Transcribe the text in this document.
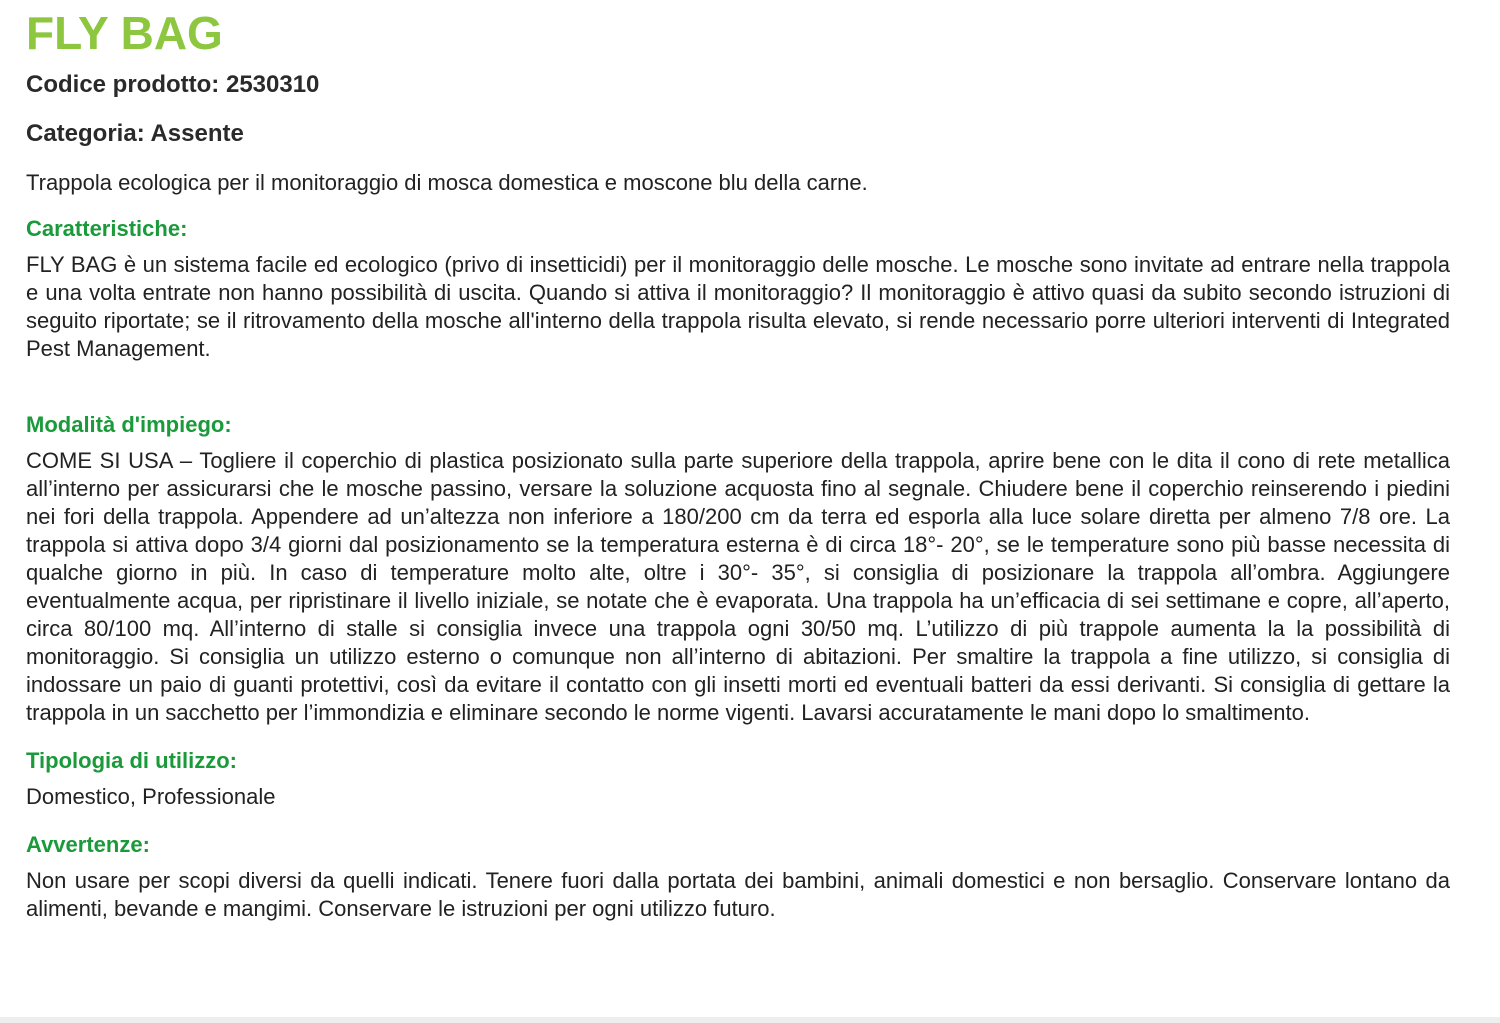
FLY BAG

Codice prodotto: 2530310

Categoria: Assente

Trappola ecologica per il monitoraggio di mosca domestica e moscone blu della carne.

Caratteristiche:

FLY BAG è un sistema facile ed ecologico (privo di insetticidi) per il monitoraggio delle mosche. Le mosche sono invitate ad entrare nella trappola e una volta entrate non hanno possibilità di uscita. Quando si attiva il monitoraggio? Il monitoraggio è attivo quasi da subito secondo istruzioni di seguito riportate; se il ritrovamento della mosche all'interno della trappola risulta elevato, si rende necessario porre ulteriori interventi di Integrated Pest Management.

Modalità d'impiego:

COME SI USA – Togliere il coperchio di plastica posizionato sulla parte superiore della trappola, aprire bene con le dita il cono di rete metallica all’interno per assicurarsi che le mosche passino, versare la soluzione acquosta fino al segnale. Chiudere bene il coperchio reinserendo i piedini nei fori della trappola. Appendere ad un’altezza non inferiore a 180/200 cm da terra ed esporla alla luce solare diretta per almeno 7/8 ore. La trappola si attiva dopo 3/4 giorni dal posizionamento se la temperatura esterna è di circa 18°- 20°, se le temperature sono più basse necessita di qualche giorno in più. In caso di temperature molto alte, oltre i 30°- 35°, si consiglia di posizionare la trappola all’ombra. Aggiungere eventualmente acqua, per ripristinare il livello iniziale, se notate che è evaporata. Una trappola ha un’efficacia di sei settimane e copre, all’aperto, circa 80/100 mq. All’interno di stalle si consiglia invece una trappola ogni 30/50 mq. L’utilizzo di più trappole aumenta la la possibilità di monitoraggio. Si consiglia un utilizzo esterno o comunque non all’interno di abitazioni. Per smaltire la trappola a fine utilizzo, si consiglia di indossare un paio di guanti protettivi, così da evitare il contatto con gli insetti morti ed eventuali batteri da essi derivanti. Si consiglia di gettare la trappola in un sacchetto per l’immondizia e eliminare secondo le norme vigenti. Lavarsi accuratamente le mani dopo lo smaltimento.

Tipologia di utilizzo:

Domestico, Professionale

Avvertenze:

Non usare per scopi diversi da quelli indicati. Tenere fuori dalla portata dei bambini, animali domestici e non bersaglio. Conservare lontano da alimenti, bevande e mangimi. Conservare le istruzioni per ogni utilizzo futuro.
